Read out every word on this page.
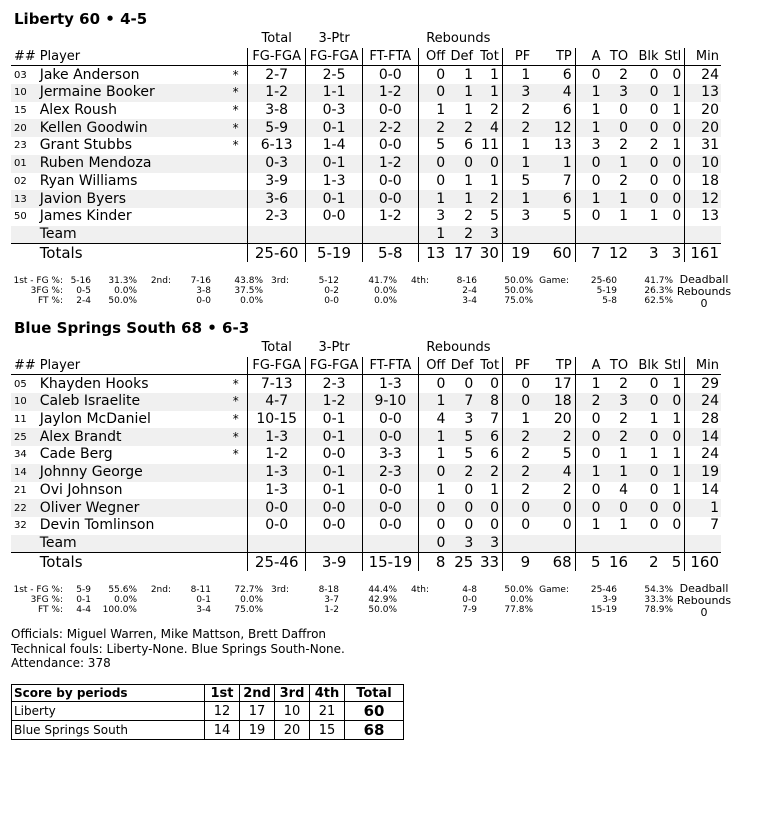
Liberty 60 • 4-5
			Total	3-Ptr		Rebounds									
##	Player		FG-FGA	FG-FGA	FT-FTA	Off	Def	Tot	PF	TP	A	TO	Blk	Stl	Min
03	Jake Anderson	*	2-7	2-5	0-0	0	1	1	1	6	0	2	0	0	24
10	Jermaine Booker	*	1-2	1-1	1-2	0	1	1	3	4	1	3	0	1	13
15	Alex Roush	*	3-8	0-3	0-0	1	1	2	2	6	1	0	0	1	20
20	Kellen Goodwin	*	5-9	0-1	2-2	2	2	4	2	12	1	0	0	0	20
23	Grant Stubbs	*	6-13	1-4	0-0	5	6	11	1	13	3	2	2	1	31
01	Ruben Mendoza		0-3	0-1	1-2	0	0	0	1	1	0	1	0	0	10
02	Ryan Williams		3-9	1-3	0-0	0	1	1	5	7	0	2	0	0	18
13	Javion Byers		3-6	0-1	0-0	1	1	2	1	6	1	1	0	0	12
50	James Kinder		2-3	0-0	1-2	3	2	5	3	5	0	1	1	0	13
	Team					1	2	3							
	Totals		25-60	5-19	5-8	13	17	30	19	60	7	12	3	3	161
1st - FG %:	5-16	31.3%	2nd:	7-16	43.8%	3rd:	5-12	41.7%	4th:	8-16	50.0%	Game:	25-60	41.7%
3FG %:	0-5	0.0%		3-8	37.5%		0-2	0.0%		2-4	50.0%		5-19	26.3%
FT %:	2-4	50.0%		0-0	0.0%		0-0	0.0%		3-4	75.0%		5-8	62.5%
Deadball
Rebounds
0
Blue Springs South 68 • 6-3
			Total	3-Ptr		Rebounds									
##	Player		FG-FGA	FG-FGA	FT-FTA	Off	Def	Tot	PF	TP	A	TO	Blk	Stl	Min
05	Khayden Hooks	*	7-13	2-3	1-3	0	0	0	0	17	1	2	0	1	29
10	Caleb Israelite	*	4-7	1-2	9-10	1	7	8	0	18	2	3	0	0	24
11	Jaylon McDaniel	*	10-15	0-1	0-0	4	3	7	1	20	0	2	1	1	28
25	Alex Brandt	*	1-3	0-1	0-0	1	5	6	2	2	0	2	0	0	14
34	Cade Berg	*	1-2	0-0	3-3	1	5	6	2	5	0	1	1	1	24
14	Johnny George		1-3	0-1	2-3	0	2	2	2	4	1	1	0	1	19
21	Ovi Johnson		1-3	0-1	0-0	1	0	1	2	2	0	4	0	1	14
22	Oliver Wegner		0-0	0-0	0-0	0	0	0	0	0	0	0	0	0	1
32	Devin Tomlinson		0-0	0-0	0-0	0	0	0	0	0	1	1	0	0	7
	Team					0	3	3							
	Totals		25-46	3-9	15-19	8	25	33	9	68	5	16	2	5	160
1st - FG %:	5-9	55.6%	2nd:	8-11	72.7%	3rd:	8-18	44.4%	4th:	4-8	50.0%	Game:	25-46	54.3%
3FG %:	0-1	0.0%		0-1	0.0%		3-7	42.9%		0-0	0.0%		3-9	33.3%
FT %:	4-4	100.0%		3-4	75.0%		1-2	50.0%		7-9	77.8%		15-19	78.9%
Deadball
Rebounds
0
Officials: Miguel Warren, Mike Mattson, Brett Daffron
Technical fouls: Liberty-None. Blue Springs South-None.
Attendance: 378
Score by periods	1st	2nd	3rd	4th	Total
Liberty	12	17	10	21	60
Blue Springs South	14	19	20	15	68
